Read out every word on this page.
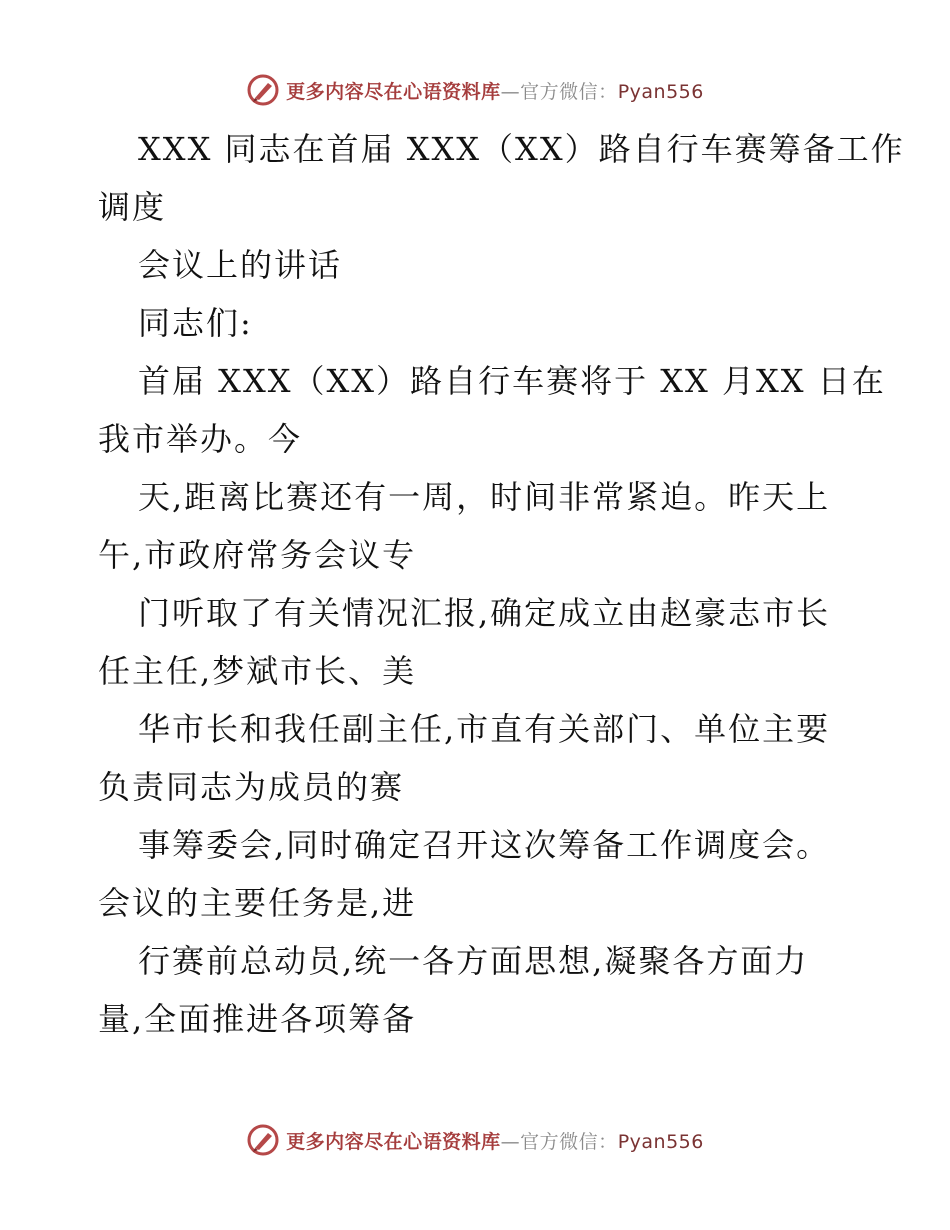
更多内容尽在心语资料库 — 官方微信： Pyan556
XXX 同志在首届 XXX（XX）路自行车赛筹备工作
调度
会议上的讲话
同志们:
首届 XXX（XX）路自行车赛将于 XX 月XX 日在
我市举办。今
天,距离比赛还有一周，时间非常紧迫。昨天上
午,市政府常务会议专
门听取了有关情况汇报,确定成立由赵豪志市长
任主任,梦斌市长、美
华市长和我任副主任,市直有关部门、单位主要
负责同志为成员的赛
事筹委会,同时确定召开这次筹备工作调度会。
会议的主要任务是,进
行赛前总动员,统一各方面思想,凝聚各方面力
量,全面推进各项筹备
更多内容尽在心语资料库 — 官方微信： Pyan556
